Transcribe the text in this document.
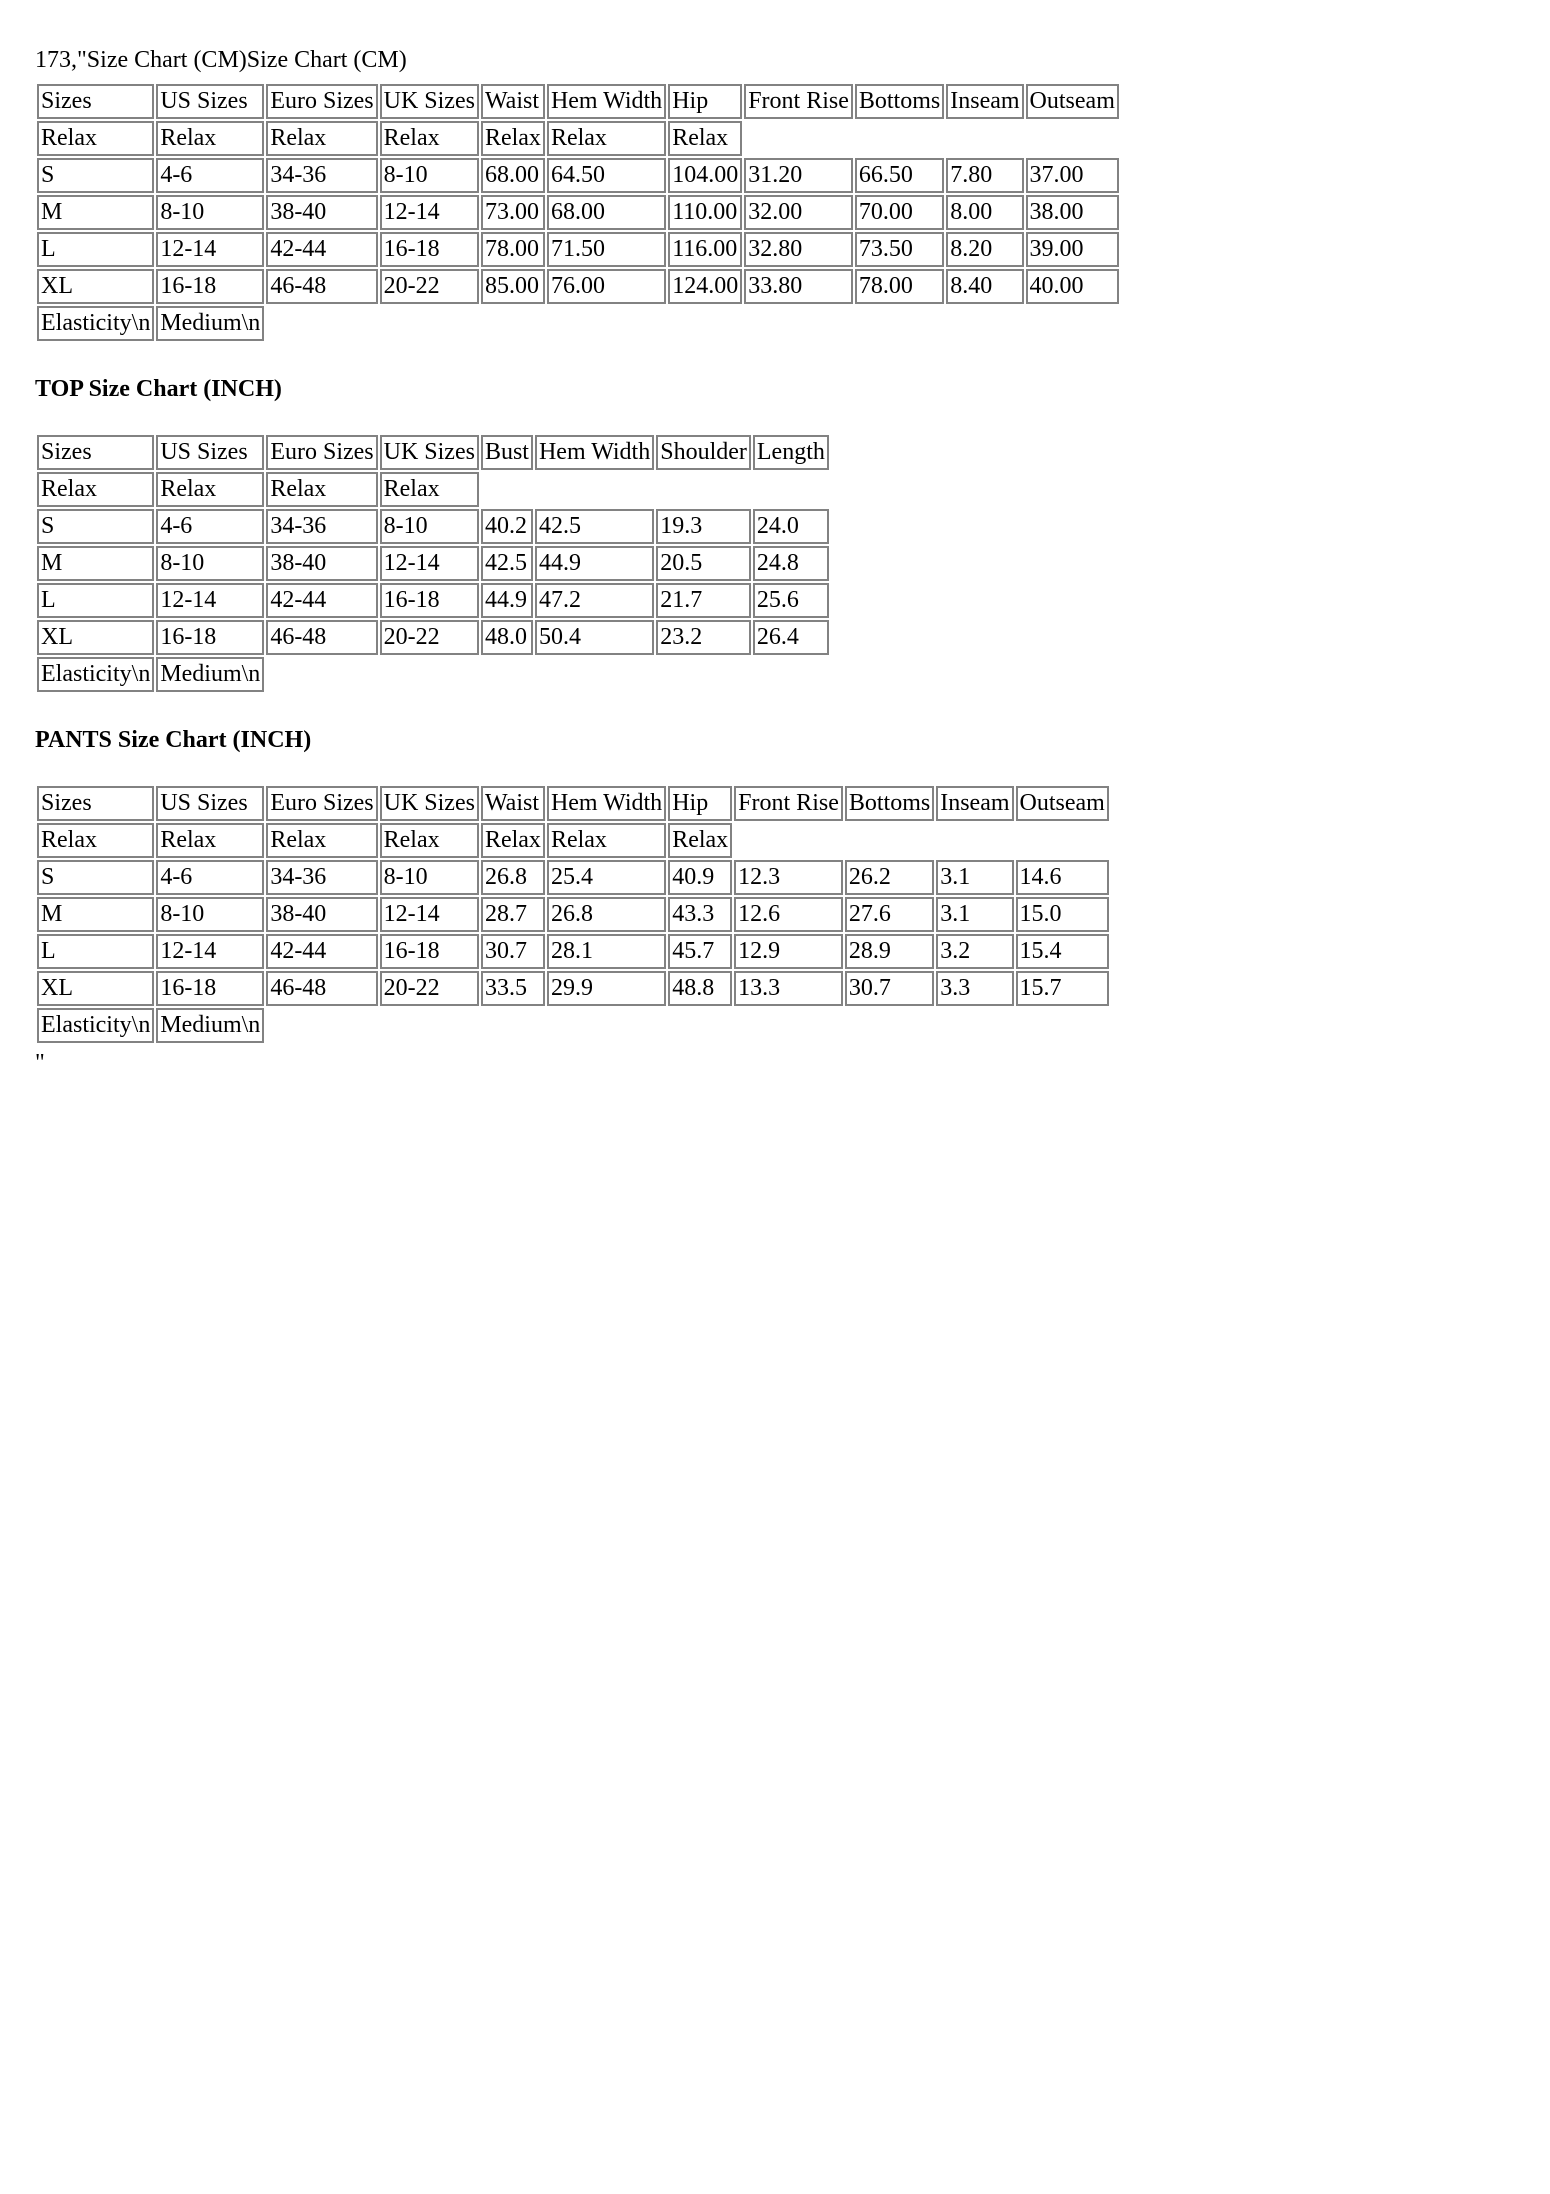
173,"Size Chart (CM)Size Chart (CM)

Sizes	US Sizes	Euro Sizes	UK Sizes	Waist	Hem Width	Hip	Front Rise	Bottoms	Inseam	Outseam
Relax	Relax	Relax	Relax	Relax	Relax	Relax				
S	4-6	34-36	8-10	68.00	64.50	104.00	31.20	66.50	7.80	37.00
M	8-10	38-40	12-14	73.00	68.00	110.00	32.00	70.00	8.00	38.00
L	12-14	42-44	16-18	78.00	71.50	116.00	32.80	73.50	8.20	39.00
XL	16-18	46-48	20-22	85.00	76.00	124.00	33.80	78.00	8.40	40.00
Elasticity\n	Medium\n									

TOP Size Chart (INCH)

Sizes	US Sizes	Euro Sizes	UK Sizes	Bust	Hem Width	Shoulder	Length
Relax	Relax	Relax	Relax				
S	4-6	34-36	8-10	40.2	42.5	19.3	24.0
M	8-10	38-40	12-14	42.5	44.9	20.5	24.8
L	12-14	42-44	16-18	44.9	47.2	21.7	25.6
XL	16-18	46-48	20-22	48.0	50.4	23.2	26.4
Elasticity\n	Medium\n						

PANTS Size Chart (INCH)

Sizes	US Sizes	Euro Sizes	UK Sizes	Waist	Hem Width	Hip	Front Rise	Bottoms	Inseam	Outseam
Relax	Relax	Relax	Relax	Relax	Relax	Relax				
S	4-6	34-36	8-10	26.8	25.4	40.9	12.3	26.2	3.1	14.6
M	8-10	38-40	12-14	28.7	26.8	43.3	12.6	27.6	3.1	15.0
L	12-14	42-44	16-18	30.7	28.1	45.7	12.9	28.9	3.2	15.4
XL	16-18	46-48	20-22	33.5	29.9	48.8	13.3	30.7	3.3	15.7
Elasticity\n	Medium\n									

"
